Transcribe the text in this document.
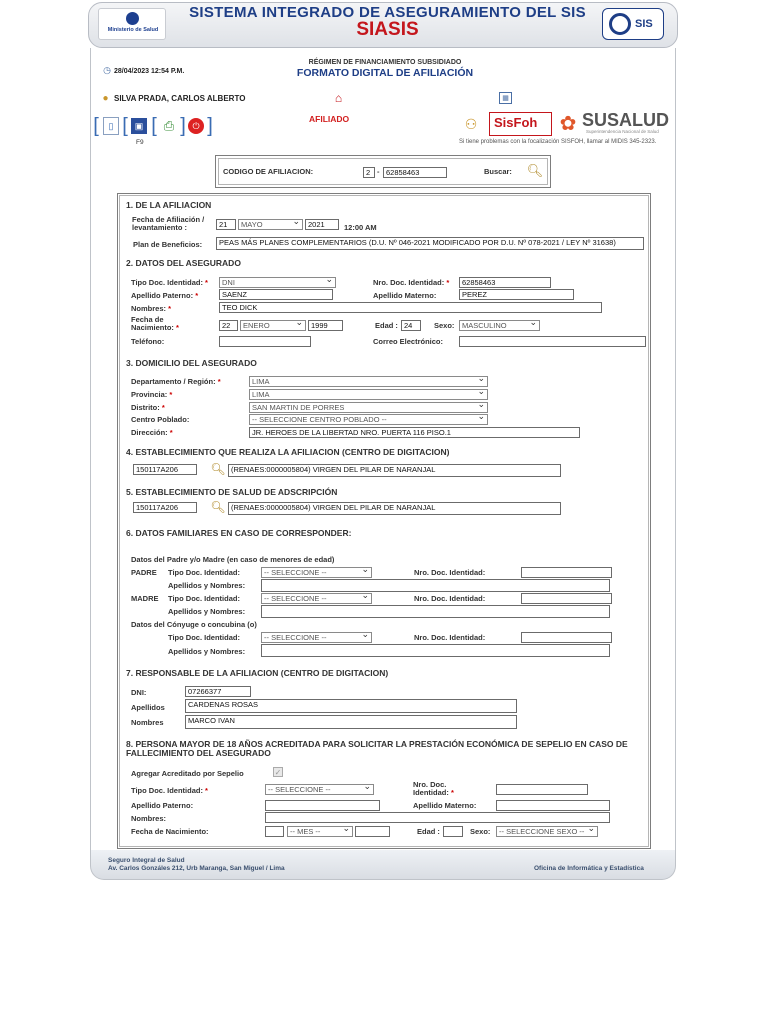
Ministerio de Salud
SISTEMA INTEGRADO DE ASEGURAMIENTO DEL SIS
SIASIS	SIS
◷ 28/04/2023 12:54 P.M.
RÉGIMEN DE FINANCIAMIENTO SUBSIDIADO
FORMATO DIGITAL DE AFILIACIÓN
● SILVA PRADA, CARLOS ALBERTO	⌂	▦
[	▯ [ ▣ [ ⎙ ] ⏻ ]
F9
AFILIADO	⚇	SisFoh ✿ SUSALUD
Superintendencia Nacional de Salud
Si tiene problemas con la focalización SISFOH, llamar al MIDIS 345-2323.
CODIGO DE AFILIACION:	2 - 62858463	Buscar: 🔍︎
1. DE LA AFILIACION
Fecha de Afiliación / levantamiento :	21	MAYO ⌄	2021	12:00 AM
Plan de Beneficios:	PEAS MÁS PLANES COMPLEMENTARIOS (D.U. Nº 046-2021 MODIFICADO POR D.U. Nº 078-2021 / LEY Nº 31638)
2. DATOS DEL ASEGURADO
Tipo Doc. Identidad: *	DNI ⌄	Nro. Doc. Identidad: *	62858463
Apellido Paterno: *	SAENZ	Apellido Materno:	PEREZ
Nombres: *	TEO DICK
Fecha de Nacimiento: *	22	ENERO ⌄	1999	Edad : 24	Sexo:	MASCULINO ⌄
Teléfono:	Correo Electrónico:
3. DOMICILIO DEL ASEGURADO
Departamento / Región: *	LIMA ⌄
Provincia: *	LIMA ⌄
Distrito: *	SAN MARTIN DE PORRES ⌄
Centro Poblado:	-- SELECCIONE CENTRO POBLADO -- ⌄
Dirección: *	JR. HEROES DE LA LIBERTAD NRO. PUERTA 116 PISO.1
4. ESTABLECIMIENTO QUE REALIZA LA AFILIACION (CENTRO DE DIGITACION)
150117A206	🔍︎ (RENAES:0000005804) VIRGEN DEL PILAR DE NARANJAL
5. ESTABLECIMIENTO DE SALUD DE ADSCRIPCIÓN
150117A206	🔍︎ (RENAES:0000005804) VIRGEN DEL PILAR DE NARANJAL
6. DATOS FAMILIARES EN CASO DE CORRESPONDER:
Datos del Padre y/o Madre (en caso de menores de edad)
PADRE Tipo Doc. Identidad:	-- SELECCIONE -- ⌄	Nro. Doc. Identidad:
Apellidos y Nombres:
MADRE Tipo Doc. Identidad:	-- SELECCIONE -- ⌄	Nro. Doc. Identidad:
Apellidos y Nombres:
Datos del Cónyuge o concubina (o)
Tipo Doc. Identidad:	-- SELECCIONE -- ⌄	Nro. Doc. Identidad:
Apellidos y Nombres:
7. RESPONSABLE DE LA AFILIACION (CENTRO DE DIGITACION)
DNI:	07266377
Apellidos	CARDENAS ROSAS
Nombres	MARCO IVAN
8. PERSONA MAYOR DE 18 AÑOS ACREDITADA PARA SOLICITAR LA PRESTACIÓN ECONÓMICA DE SEPELIO EN CASO DE FALLECIMIENTO DEL ASEGURADO
Agregar Acreditado por Sepelio	✓
Tipo Doc. Identidad: *	-- SELECCIONE -- ⌄
Nro. Doc. Identidad: *
Apellido Paterno:	Apellido Materno:
Nombres:
Fecha de Nacimiento:	-- MES -- ⌄	Edad :	Sexo:	-- SELECCIONE SEXO -- ⌄
Seguro Integral de Salud
Av. Carlos Gonzáles 212, Urb Maranga, San Miguel / Lima	Oficina de Informática y Estadística
